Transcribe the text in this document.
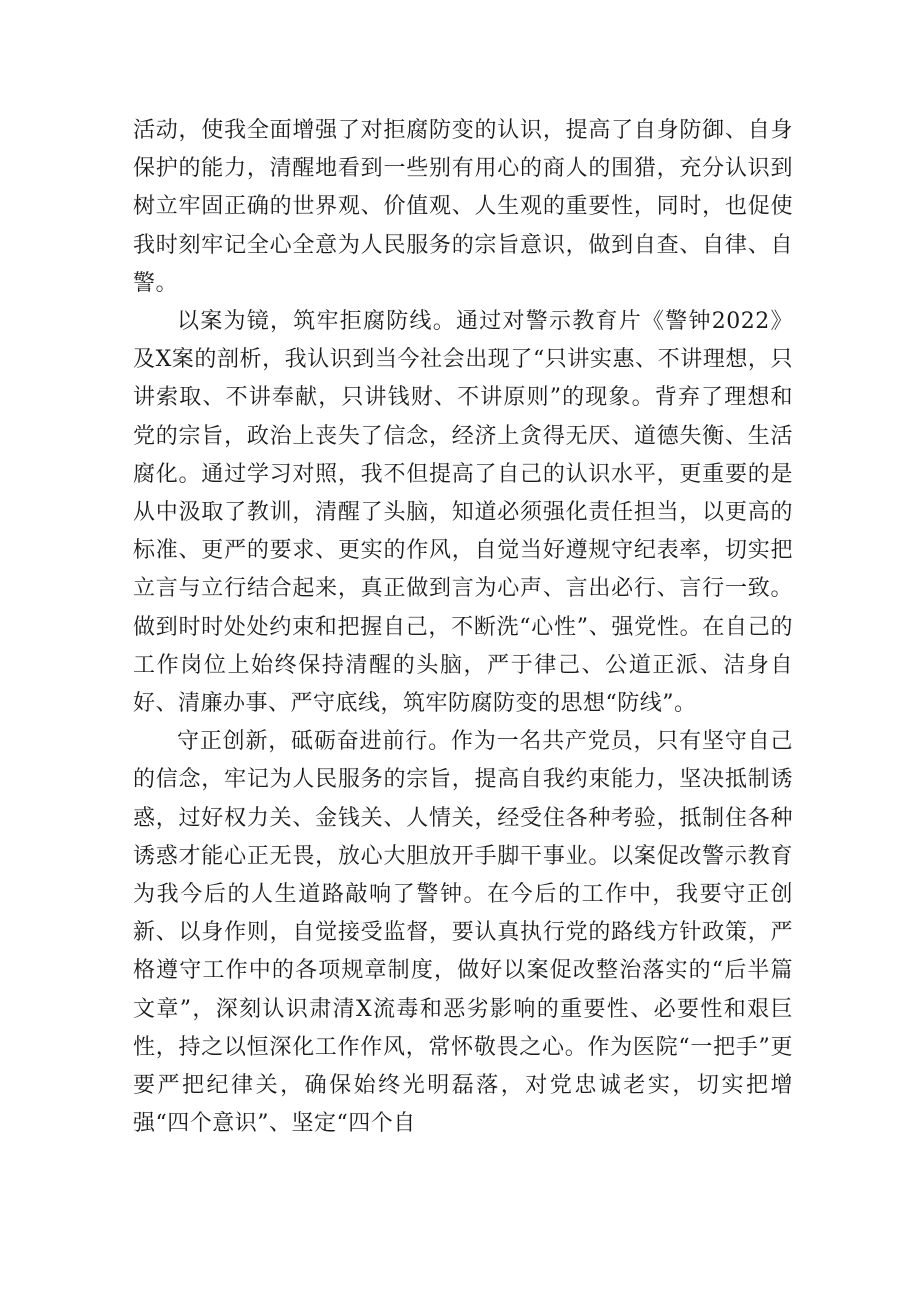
活动，使我全面增强了对拒腐防变的认识，提高了自身防御、自身保护的能力，清醒地看到一些别有用心的商人的围猎，充分认识到树立牢固正确的世界观、价值观、人生观的重要性，同时，也促使我时刻牢记全心全意为人民服务的宗旨意识，做到自查、自律、自警。

以案为镜，筑牢拒腐防线。通过对警示教育片《警钟2022》及X案的剖析，我认识到当今社会出现了“只讲实惠、不讲理想，只讲索取、不讲奉献，只讲钱财、不讲原则”的现象。背弃了理想和党的宗旨，政治上丧失了信念，经济上贪得无厌、道德失衡、生活腐化。通过学习对照，我不但提高了自己的认识水平，更重要的是从中汲取了教训，清醒了头脑，知道必须强化责任担当，以更高的标准、更严的要求、更实的作风，自觉当好遵规守纪表率，切实把立言与立行结合起来，真正做到言为心声、言出必行、言行一致。做到时时处处约束和把握自己，不断洗“心性”、强党性。在自己的工作岗位上始终保持清醒的头脑，严于律己、公道正派、洁身自好、清廉办事、严守底线，筑牢防腐防变的思想“防线”。

守正创新，砥砺奋进前行。作为一名共产党员，只有坚守自己的信念，牢记为人民服务的宗旨，提高自我约束能力，坚决抵制诱惑，过好权力关、金钱关、人情关，经受住各种考验，抵制住各种诱惑才能心正无畏，放心大胆放开手脚干事业。以案促改警示教育为我今后的人生道路敲响了警钟。在今后的工作中，我要守正创新、以身作则，自觉接受监督，要认真执行党的路线方针政策，严格遵守工作中的各项规章制度，做好以案促改整治落实的“后半篇文章”，深刻认识肃清X流毒和恶劣影响的重要性、必要性和艰巨性，持之以恒深化工作作风，常怀敬畏之心。作为医院“一把手”更要严把纪律关，确保始终光明磊落，对党忠诚老实，切实把增强“四个意识”、坚定“四个自
